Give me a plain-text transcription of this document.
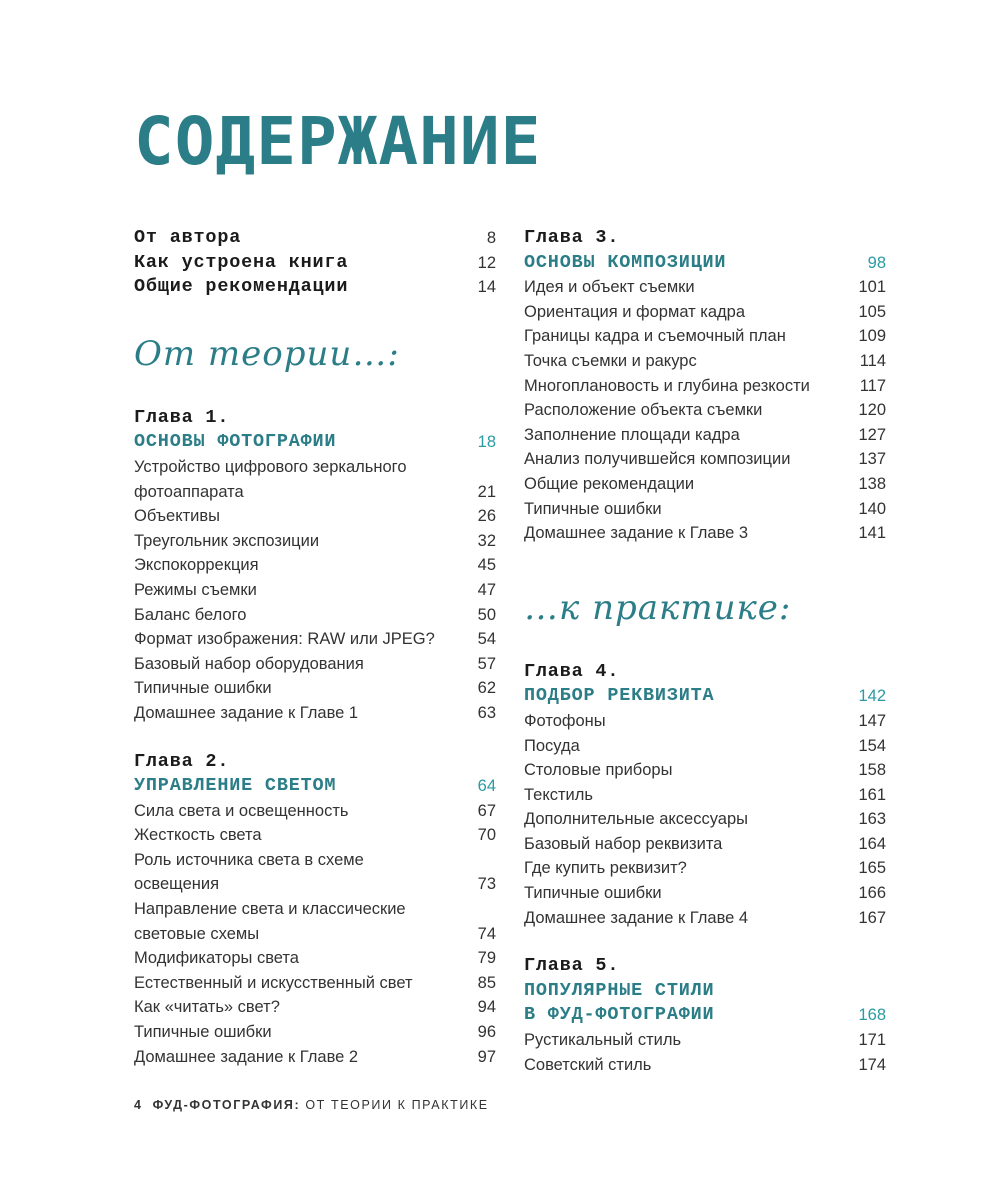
СОДЕРЖАНИЕ
От автора	8
Как устроена книга	12
Общие рекомендации	14
От теории…:
Глава 1.
ОСНОВЫ ФОТОГРАФИИ	18
Устройство цифрового зеркального
фотоаппарата	21
Объективы	26
Треугольник экспозиции	32
Экспокоррекция	45
Режимы съемки	47
Баланс белого	50
Формат изображения: RAW или JPEG?	54
Базовый набор оборудования	57
Типичные ошибки	62
Домашнее задание к Главе 1	63
Глава 2.
УПРАВЛЕНИЕ СВЕТОМ	64
Сила света и освещенность	67
Жесткость света	70
Роль источника света в схеме
освещения	73
Направление света и классические
световые схемы	74
Модификаторы света	79
Естественный и искусственный свет	85
Как «читать» свет?	94
Типичные ошибки	96
Домашнее задание к Главе 2	97
Глава 3.
ОСНОВЫ КОМПОЗИЦИИ	98
Идея и объект съемки	101
Ориентация и формат кадра	105
Границы кадра и съемочный план	109
Точка съемки и ракурс	114
Многоплановость и глубина резкости	117
Расположение объекта съемки	120
Заполнение площади кадра	127
Анализ получившейся композиции	137
Общие рекомендации	138
Типичные ошибки	140
Домашнее задание к Главе 3	141
…к практике:
Глава 4.
ПОДБОР РЕКВИЗИТА	142
Фотофоны	147
Посуда	154
Столовые приборы	158
Текстиль	161
Дополнительные аксессуары	163
Базовый набор реквизита	164
Где купить реквизит?	165
Типичные ошибки	166
Домашнее задание к Главе 4	167
Глава 5.
ПОПУЛЯРНЫЕ СТИЛИ
В ФУД-ФОТОГРАФИИ	168
Рустикальный стиль	171
Советский стиль	174
4 ФУД-ФОТОГРАФИЯ: ОТ ТЕОРИИ К ПРАКТИКЕ
